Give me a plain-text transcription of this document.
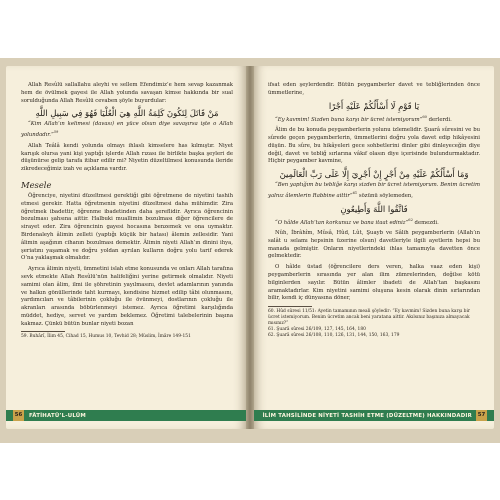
Allah Resûlü sallallahu aleyhi ve sellem Efendimiz’e hem sevap kazanmak hem de övülmek gayesi ile Allah yolunda savaşan kimse hakkında bir sual sorulduğunda Allah Resûlü cevaben şöyle buyurdular:

مَنْ قَاتَلَ لِتَكُونَ كَلِمَةُ اللَّهِ هِيَ الْعُلْيَا فَهُوَ فِي سَبِيلِ اللَّهِ

“Kim Allah’ın kelimesi (davası) en yüce olsun diye savaşırsa işte o Allah yolundadır.”$^{59}$

Allah Teâlâ kendi yolunda olmayı ihlaslı kimselere has kılmıştır. Niyet karışık olursa yani kişi yaptığı işlerde Allah rızası ile birlikte başka şeyleri de düşünürse gelip tarafa itibar edilir mi? Niyetin düzeltilmesi konusunda ileride zikredeceğimiz izah ve açıklama vardır.

Mesele

Öğrenciye, niyetini düzeltmesi gerektiği gibi öğretmene de niyetini tashih etmesi gerekir. Hatta öğretmenin niyetini düzeltmesi daha mühimdir. Zira öğretmek ibadettir, öğrenme ibadetinden daha şereflidir. Ayrıca öğrencinin bozulması şahsına aittir. Halbuki muallimin bozulması diğer öğrencilere de sirayet eder. Zira öğrencinin gayesi hocasına benzemek ve ona uymaktır. Birdenaleyh âlimin zelleti (yaptığı küçük bir hatası) âlemin zellesidir. Yani âlimin aşağının cihanın bozulması demektir. Âlimin niyeti Allah’ın dinini ihya, şeriatını yaşamak ve doğru yoldan ayrılan kulların doğru yolu tarif ederek O’na yaklaşmak olmalıdır.

Ayrıca âlimin niyeti, ümmetini islah etme konusunda ve onları Allah tarafına sevk etmekte Allah Resûlü’nün halifeliğini yerine getirmek olmalıdır. Niyeti samimi olan âlim, ilmi ile şöhretinin yayılmasını, devlet adamlarının yanında ve halkın gönüllerinde taht kurmayı, kendisine hizmet edilip tâbi olunmasını, yardımcıları ve tâbilerinin çokluğu ile övünmeyi, dostlarının çokluğu ile akranları arasında böbürlenmeyi istemez. Ayrıca öğretimi karşılığında müddet, hediye, servet ve yardım beklemez. Öğretimi talebelerinin başına kakmaz. Çünkü bütün bunlar niyeti bozan

59. Buhârî, İlim 45, Cihad 15, Humus 10, Tevhid 28; Müslim, İmâre 149-151

56	FÂTİHATÜ’L-ULÛM

ifsat eden şeylerdendir. Bütün peygamberler davet ve tebliğlerinden önce ümmetlerine,

يَا قَوْمِ لَا أَسْأَلُكُمْ عَلَيْهِ أَجْرًا

“Ey kavmim! Sizden buna karşı bir ücret istemiyorum”$^{60}$ derlerdi.

Âlim de bu konuda peygamberlerin yolunu izlemelidir. Şuarâ sûresini ve bu sûrede geçen peygamberlerin, ümmetlerini doğru yola davet edip hikâyesini düşün. Bu sûre, bu hikâyeleri gece sohbetlerini dinler gibi dinleyeceğin diye değil, davet ve tebliğ sırlarına vâkıf olasın diye içerisinde bulundurmaktadır. Hiçbir peygamber kavmine,

وَمَا أَسْأَلُكُمْ عَلَيْهِ مِنْ أَجْرٍ إِنْ أَجْرِيَ إِلَّا عَلَى رَبِّ الْعَالَمِينَ

“Ben yaptığım bu tebliğe karşı sizden bir ücret istemiyorum. Benim ücretim yalnız âlemlerin Rabbine aittir”$^{61}$ sözünü söylemeden,

فَاتَّقُوا اللَّهَ وَأَطِيعُونِ

“O hâlde Allah’tan korkunuz ve bana itaat ediniz”$^{62}$ demezdi.

Nûh, İbrâhîm, Mûsâ, Hûd, Lût, Şuayb ve Sâlih peygamberlerin (Allah’ın salât u selamı hepsinin üzerine olsun) davetleriyle ilgili ayetlerin hepsi bu manada gelmiştir. Onların niyetlerindeki ihlas tamamıyla davetten önce gelmektedir.

O hâlde üstad (öğrencilere ders veren, halka vaaz eden kişi) peygamberlerin sırasında yer alan ilim zümrelerinden, değilse kötü bilginlerden sayılır. Bütün âlimler ibadeti de Allah’tan başkasını aramaktadırlar. Kim niyetini samimi oluşuna kesin olarak dinin sırlarından bilir, kendi iç dünyasına döner,

60. Hûd sûresi 11/51: Ayetin tamamının meali şöyledir: “Ey kavmim! Sizden buna karşı bir ücret istemiyorum. Benim ücretim ancak beni yaratana aittir. Akılsınız başınıza almayacak mısınız?”

61. Şuarâ sûresi 26/109, 127, 145, 164, 180

62. Şuarâ sûresi 26/108, 110, 126, 131, 144, 150, 163, 179

İLİM TAHSİLİNDE NİYETİ TASHİH ETME (DÜZELTME) HAKKINDADIR	57
